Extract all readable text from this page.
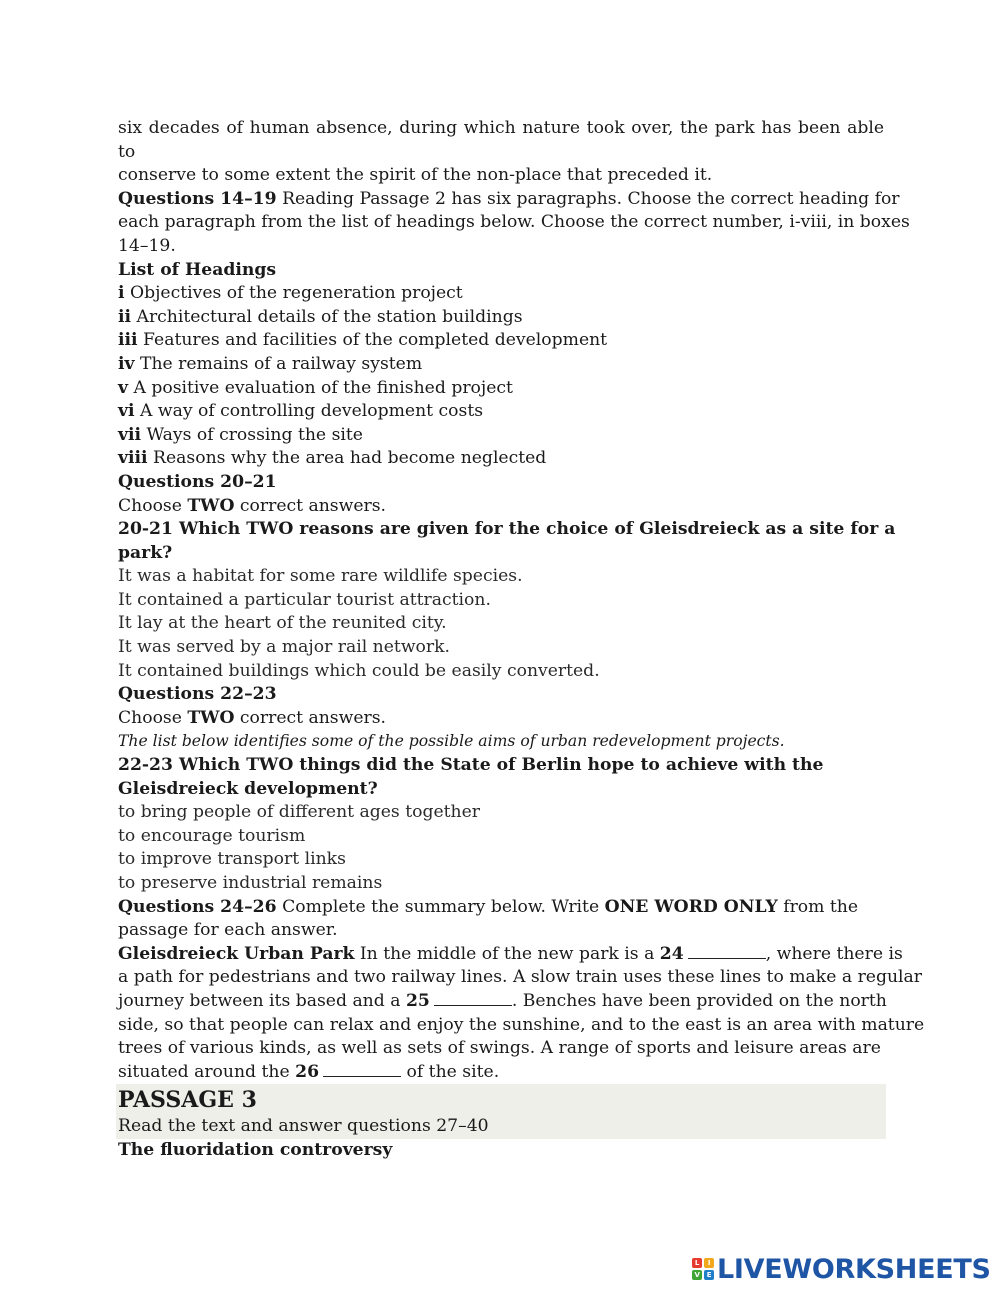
six decades of human absence, during which nature took over, the park has been able to
conserve to some extent the spirit of the non-place that preceded it.
Questions 14–19 Reading Passage 2 has six paragraphs. Choose the correct heading for
each paragraph from the list of headings below. Choose the correct number, i-viii, in boxes
14–19.
List of Headings
i Objectives of the regeneration project
ii Architectural details of the station buildings
iii Features and facilities of the completed development
iv The remains of a railway system
v A positive evaluation of the finished project
vi A way of controlling development costs
vii Ways of crossing the site
viii Reasons why the area had become neglected
Questions 20–21
Choose TWO correct answers.
20-21 Which TWO reasons are given for the choice of Gleisdreieck as a site for a
park?
It was a habitat for some rare wildlife species.
It contained a particular tourist attraction.
It lay at the heart of the reunited city.
It was served by a major rail network.
It contained buildings which could be easily converted.
Questions 22–23
Choose TWO correct answers.
The list below identifies some of the possible aims of urban redevelopment projects.
22-23 Which TWO things did the State of Berlin hope to achieve with the
Gleisdreieck development?
to bring people of different ages together
to encourage tourism
to improve transport links
to preserve industrial remains
Questions 24–26 Complete the summary below. Write ONE WORD ONLY from the
passage for each answer.
Gleisdreieck Urban Park In the middle of the new park is a 24	, where there is
a path for pedestrians and two railway lines. A slow train uses these lines to make a regular
journey between its based and a 25	. Benches have been provided on the north
side, so that people can relax and enjoy the sunshine, and to the east is an area with mature
trees of various kinds, as well as sets of swings. A range of sports and leisure areas are
situated around the 26	of the site.
PASSAGE 3
Read the text and answer questions 27–40
The fluoridation controversy
L	I
V	E LIVEWORKSHEETS
